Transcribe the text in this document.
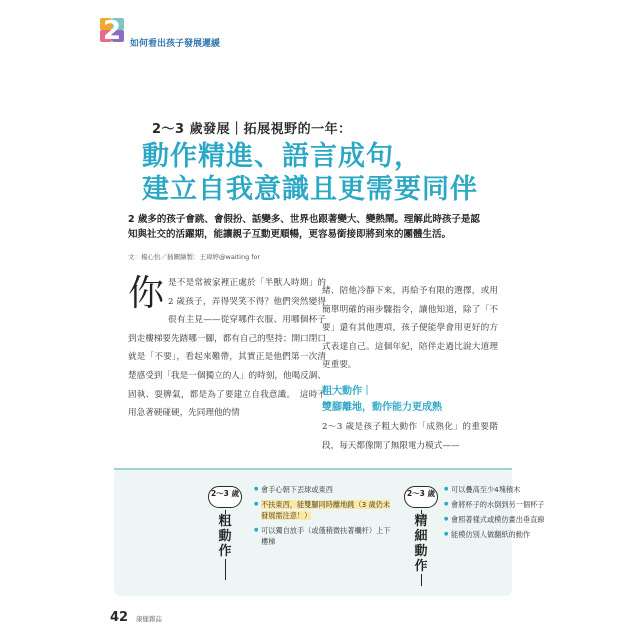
2 如何看出孩子發展遲緩
2～3 歲發展｜拓展視野的一年：
動作精進、語言成句，
建立自我意識且更需要同伴
2 歲多的孩子會跳、會假扮、話變多、世界也跟著變大、變熱鬧。理解此時孩子是認知與社交的活躍期，能讓親子互動更順暢，更容易銜接即將到來的團體生活。
文：楊心怡／插圖繪製：王瑋婷@waiting for
你 是不是常被家裡正處於「半獸人時期」的 2 歲孩子，弄得哭笑不得？他們突然變得很有主見——從穿哪件衣服、用哪個杯子到走樓梯要先踏哪一腳，都有自己的堅持；開口閉口就是「不要」，看起來難帶，其實正是他們第一次清楚感受到「我是一個獨立的人」的時刻，他喝反調、固執、耍脾氣，都是為了要建立自我意識。　這時不用急著硬碰硬，先同理他的情
緒、陪他冷靜下來，再給予有限的選擇，或用簡單明確的兩步驟指令，讓他知道，除了「不要」還有其他選項，孩子便能學會用更好的方式表達自己。這個年紀，陪伴走過比說大道理更重要。
粗大動作｜
雙腳離地，動作能力更成熟
2～3 歲是孩子粗大動作「成熟化」的重要階段，每天都像開了無限電力模式——
2～3 歲
粗動作
● 會手心朝下丟球或東西
● 不扶東西，能雙腳同時離地跳（3 歲仍未發展需注意！）
● 可以獨自放手（或僅稍微扶著欄杆）上下樓梯
2～3 歲
精細動作
● 可以疊高至少4塊積木
● 會將杯子的水倒到另一個杯子
● 會照著樣式或模仿畫出垂直線
● 能模仿別人做翻紙的動作
42 康健雜誌
